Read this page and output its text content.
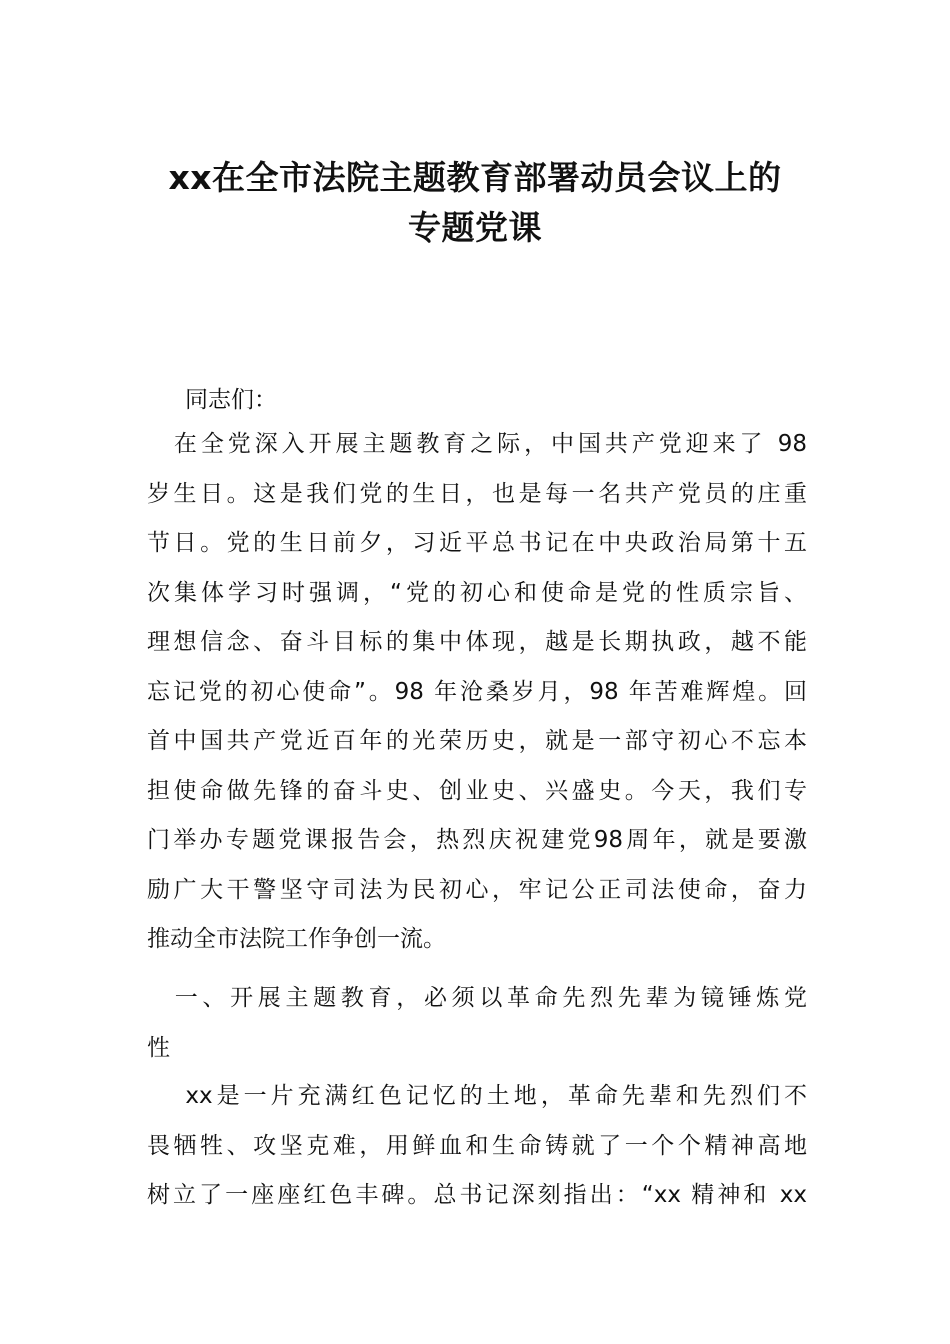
xx在全市法院主题教育部署动员会议上的
专题党课
同志们：
　在全党深入开展主题教育之际，中国共产党迎来了 98
岁生日。这是我们党的生日，也是每一名共产党员的庄重
节日。党的生日前夕，习近平总书记在中央政治局第十五
次集体学习时强调，“党的初心和使命是党的性质宗旨、
理想信念、奋斗目标的集中体现，越是长期执政，越不能
忘记党的初心使命”。98 年沧桑岁月，98 年苦难辉煌。回
首中国共产党近百年的光荣历史，就是一部守初心不忘本
担使命做先锋的奋斗史、创业史、兴盛史。今天，我们专
门举办专题党课报告会，热烈庆祝建党98周年，就是要激
励广大干警坚守司法为民初心，牢记公正司法使命，奋力
推动全市法院工作争创一流。
　一、开展主题教育，必须以革命先烈先辈为镜锤炼党
性
　 xx是一片充满红色记忆的土地，革命先辈和先烈们不
畏牺牲、攻坚克难，用鲜血和生命铸就了一个个精神高地
树立了一座座红色丰碑。总书记深刻指出：“xx 精神和 xx
